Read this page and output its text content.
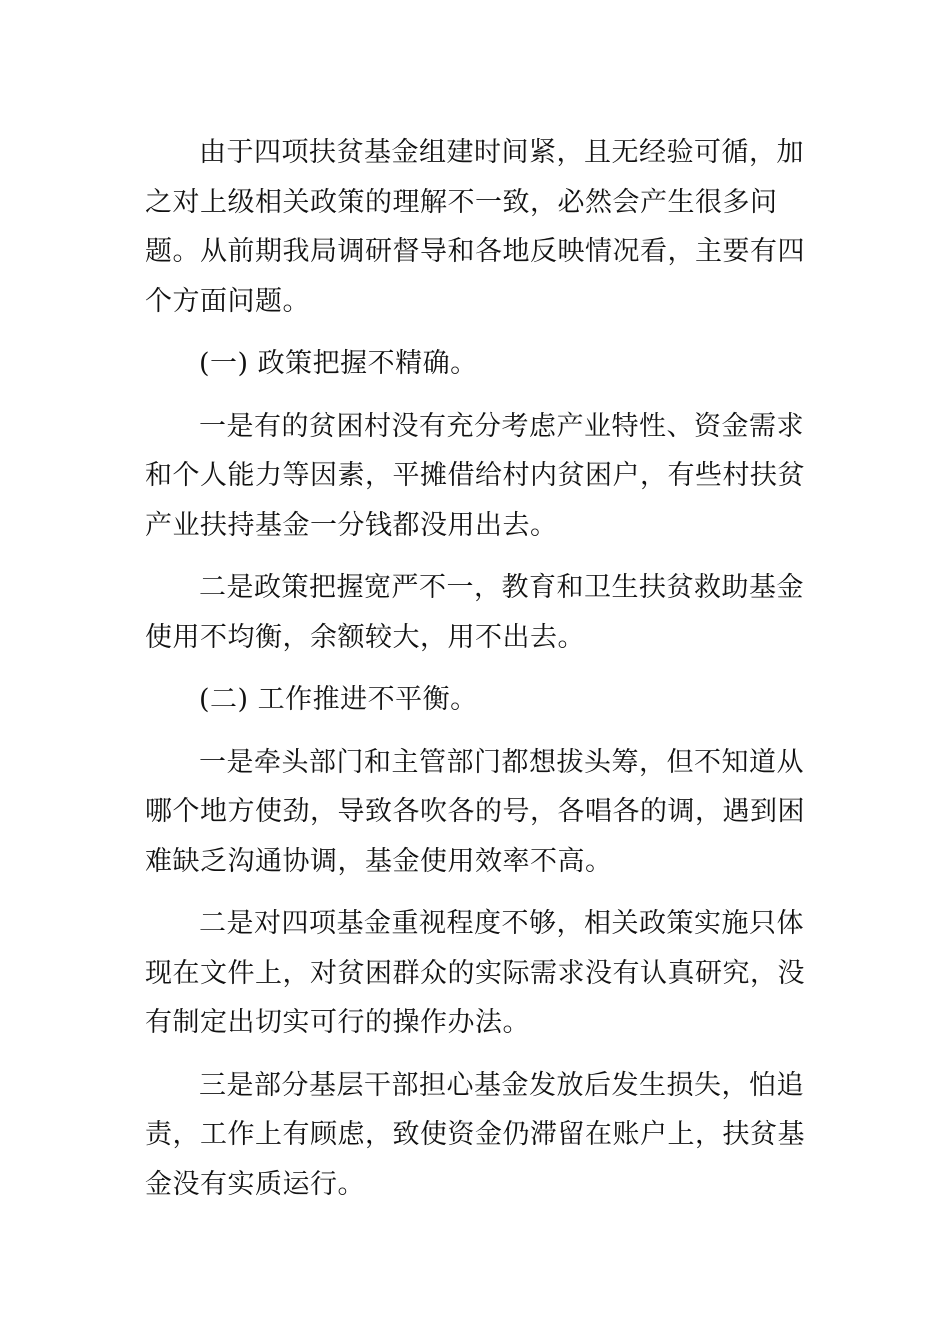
由于四项扶贫基金组建时间紧，且无经验可循，加之对上级相关政策的理解不一致，必然会产生很多问题。从前期我局调研督导和各地反映情况看，主要有四个方面问题。

(一) 政策把握不精确。

一是有的贫困村没有充分考虑产业特性、资金需求和个人能力等因素，平摊借给村内贫困户，有些村扶贫产业扶持基金一分钱都没用出去。

二是政策把握宽严不一，教育和卫生扶贫救助基金使用不均衡，余额较大，用不出去。

(二) 工作推进不平衡。

一是牵头部门和主管部门都想拔头筹，但不知道从哪个地方使劲，导致各吹各的号，各唱各的调，遇到困难缺乏沟通协调，基金使用效率不高。

二是对四项基金重视程度不够，相关政策实施只体现在文件上，对贫困群众的实际需求没有认真研究，没有制定出切实可行的操作办法。

三是部分基层干部担心基金发放后发生损失，怕追责，工作上有顾虑，致使资金仍滞留在账户上，扶贫基金没有实质运行。
